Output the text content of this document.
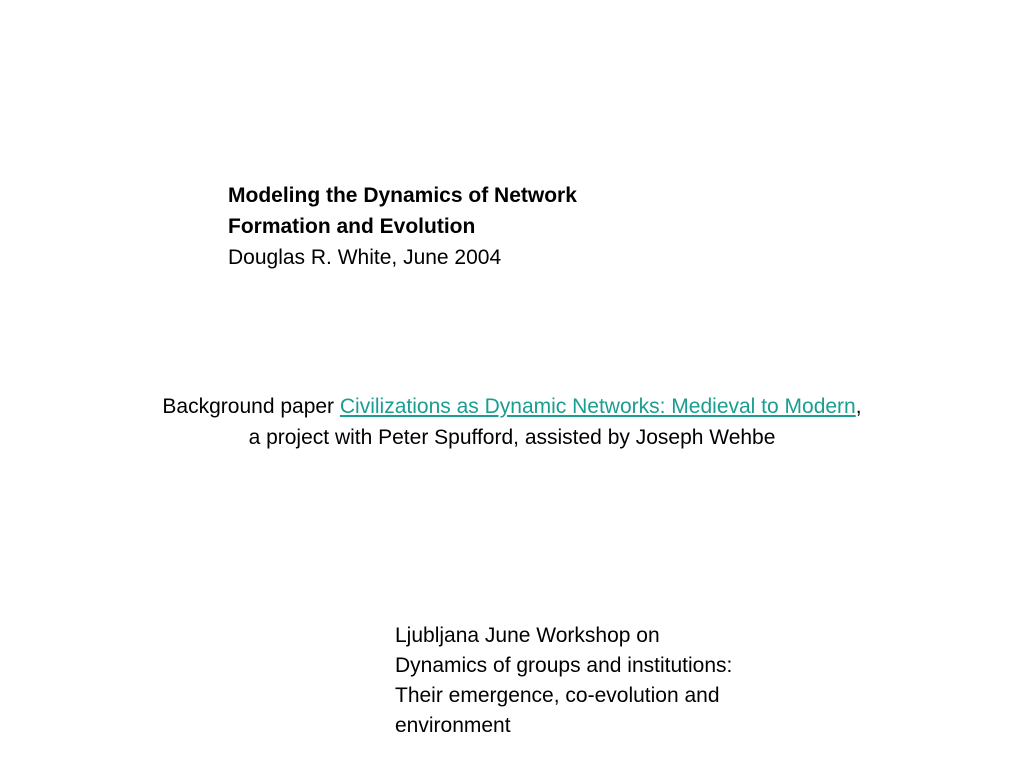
Modeling the Dynamics of Network
Formation and Evolution
Douglas R. White, June 2004
Background paper Civilizations as Dynamic Networks: Medieval to Modern,
a project with Peter Spufford, assisted by Joseph Wehbe
Ljubljana June Workshop on
Dynamics of groups and institutions:
Their emergence, co-evolution and
environment
